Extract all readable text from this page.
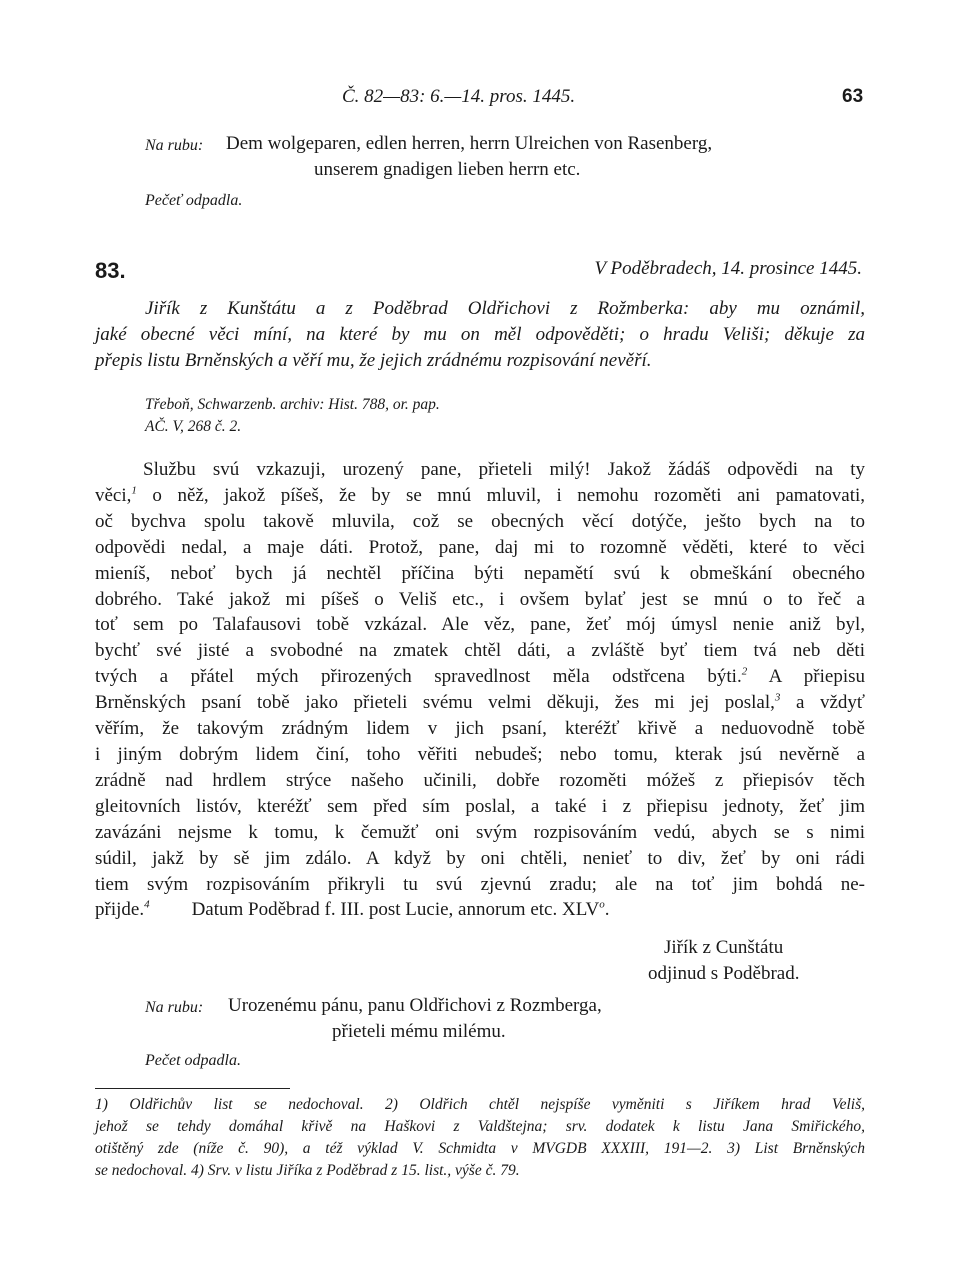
Č. 82—83: 6.—14. pros. 1445.	63
Na rubu: Dem wolgeparen, edlen herren, herrn Ulreichen von Rasenberg,
unserem gnadigen lieben herrn etc.
Pečeť odpadla.
83.	V Poděbradech, 14. prosince 1445.
Jiřík z Kunštátu a z Poděbrad Oldřichovi z Rožmberka: aby mu oznámil,
jaké obecné věci míní, na které by mu on měl odpověděti; o hradu Veliši; děkuje za
přepis listu Brněnských a věří mu, že jejich zrádnému rozpisování nevěří.
Třeboň, Schwarzenb. archiv: Hist. 788, or. pap.
AČ. V, 268 č. 2.
Službu svú vzkazuji, urozený pane, přieteli milý! Jakož žádáš odpovědi na ty
věci,$^1$ o něž, jakož píšeš, že by se mnú mluvil, i nemohu rozoměti ani pamatovati,
oč bychva spolu takově mluvila, což se obecných věcí dotýče, ješto bych na to
odpovědi nedal, a maje dáti. Protož, pane, daj mi to rozomně věděti, které to věci
mieníš, neboť bych já nechtěl příčina býti nepamětí svú k obmeškání obecného
dobrého. Také jakož mi píšeš o Veliš etc., i ovšem bylať jest se mnú o to řeč a
toť sem po Talafausovi tobě vzkázal. Ale věz, pane, žeť mój úmysl nenie aniž byl,
bychť své jisté a svobodné na zmatek chtěl dáti, a zvláště byť tiem tvá neb děti
tvých a přátel mých přirozených spravedlnost měla odstřcena býti.$^2$ A přiepisu
Brněnských psaní tobě jako přieteli svému velmi děkuji, žes mi jej poslal,$^3$ a vždyť
věřím, že takovým zrádným lidem v jich psaní, kteréžť křivě a neduovodně tobě
i jiným dobrým lidem činí, toho věřiti nebudeš; nebo tomu, kterak jsú nevěrně a
zrádně nad hrdlem strýce našeho učinili, dobře rozoměti móžeš z přiepisóv těch
gleitovních listóv, kteréžť sem před sím poslal, a také i z přiepisu jednoty, žeť jim
zavázáni nejsme k tomu, k čemužť oni svým rozpisováním vedú, abych se s nimi
súdil, jakž by sě jim zdálo. A když by oni chtěli, nenieť to div, žeť by oni rádi
tiem svým rozpisováním přikryli tu svú zjevnú zradu; ale na toť jim bohdá ne-
přijde.$^4$ Datum Poděbrad f. III. post Lucie, annorum etc. XLV$^o$.
Jiřík z Cunštátu
odjinud s Poděbrad.
Na rubu: Urozenému pánu, panu Oldřichovi z Rozmberga,
přieteli mému milému.
Pečet odpadla.
1) Oldřichův list se nedochoval. 2) Oldřich chtěl nejspíše vyměniti s Jiříkem hrad Veliš,
jehož se tehdy domáhal křivě na Haškovi z Valdštejna; srv. dodatek k listu Jana Smiřického,
otištěný zde (níže č. 90), a též výklad V. Schmidta v MVGDB XXXIII, 191—2. 3) List Brněnských
se nedochoval. 4) Srv. v listu Jiříka z Poděbrad z 15. list., výše č. 79.
